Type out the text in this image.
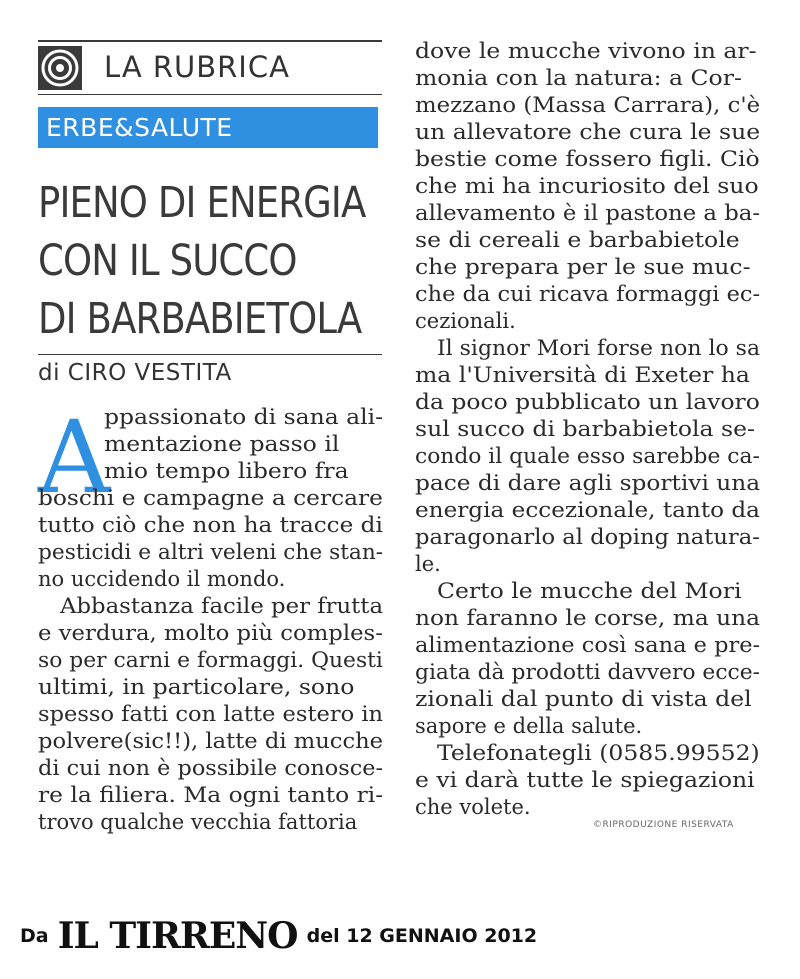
LA RUBRICA
ERBE&SALUTE
PIENO DI ENERGIA
CON IL SUCCO
DI BARBABIETOLA
di CIRO VESTITA
A
ppassionato di sana ali-
mentazione passo il
mio tempo libero fra
boschi e campagne a cercare
tutto ciò che non ha tracce di
pesticidi e altri veleni che stan-
no uccidendo il mondo.
Abbastanza facile per frutta
e verdura, molto più comples-
so per carni e formaggi. Questi
ultimi, in particolare, sono
spesso fatti con latte estero in
polvere(sic!!), latte di mucche
di cui non è possibile conosce-
re la filiera. Ma ogni tanto ri-
trovo qualche vecchia fattoria
dove le mucche vivono in ar-
monia con la natura: a Cor-
mezzano (Massa Carrara), c'è
un allevatore che cura le sue
bestie come fossero figli. Ciò
che mi ha incuriosito del suo
allevamento è il pastone a ba-
se di cereali e barbabietole
che prepara per le sue muc-
che da cui ricava formaggi ec-
cezionali.
Il signor Mori forse non lo sa
ma l'Università di Exeter ha
da poco pubblicato un lavoro
sul succo di barbabietola se-
condo il quale esso sarebbe ca-
pace di dare agli sportivi una
energia eccezionale, tanto da
paragonarlo al doping natura-
le.
Certo le mucche del Mori
non faranno le corse, ma una
alimentazione così sana e pre-
giata dà prodotti davvero ecce-
zionali dal punto di vista del
sapore e della salute.
Telefonategli (0585.99552)
e vi darà tutte le spiegazioni
che volete.
©RIPRODUZIONE RISERVATA
Da IL TIRRENO del 12 GENNAIO 2012
